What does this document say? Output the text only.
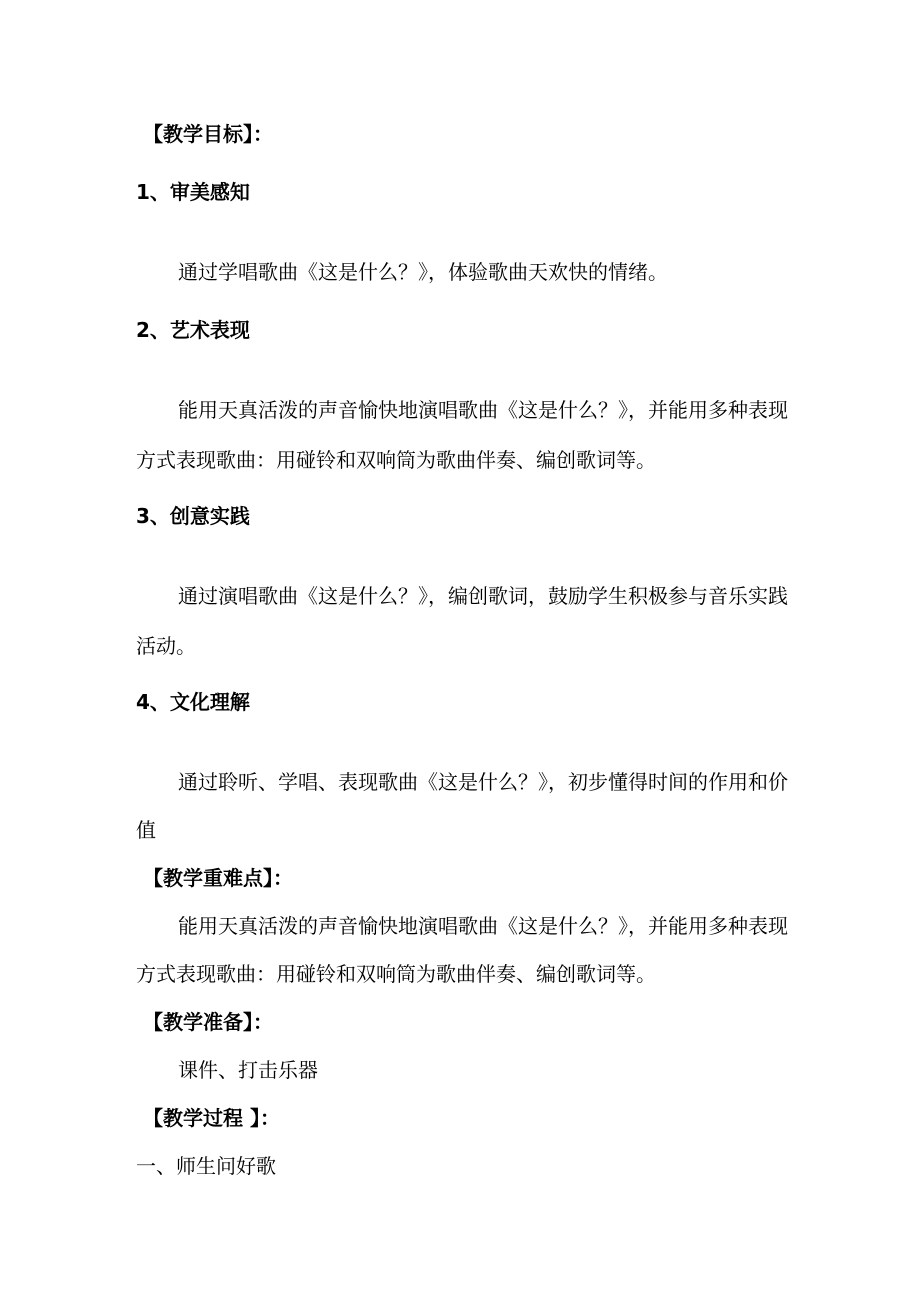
【教学目标】：
1、审美感知
通过学唱歌曲《这是什么？》，体验歌曲天欢快的情绪。
2、艺术表现
能用天真活泼的声音愉快地演唱歌曲《这是什么？》，并能用多种表现
方式表现歌曲：用碰铃和双响筒为歌曲伴奏、编创歌词等。
3、创意实践
通过演唱歌曲《这是什么？》，编创歌词，鼓励学生积极参与音乐实践
活动。
4、文化理解
通过聆听、学唱、表现歌曲《这是什么？》，初步懂得时间的作用和价
值
【教学重难点】：
能用天真活泼的声音愉快地演唱歌曲《这是什么？》，并能用多种表现
方式表现歌曲：用碰铃和双响筒为歌曲伴奏、编创歌词等。
【教学准备】：
课件、打击乐器
【教学过程 】：
一、师生问好歌
